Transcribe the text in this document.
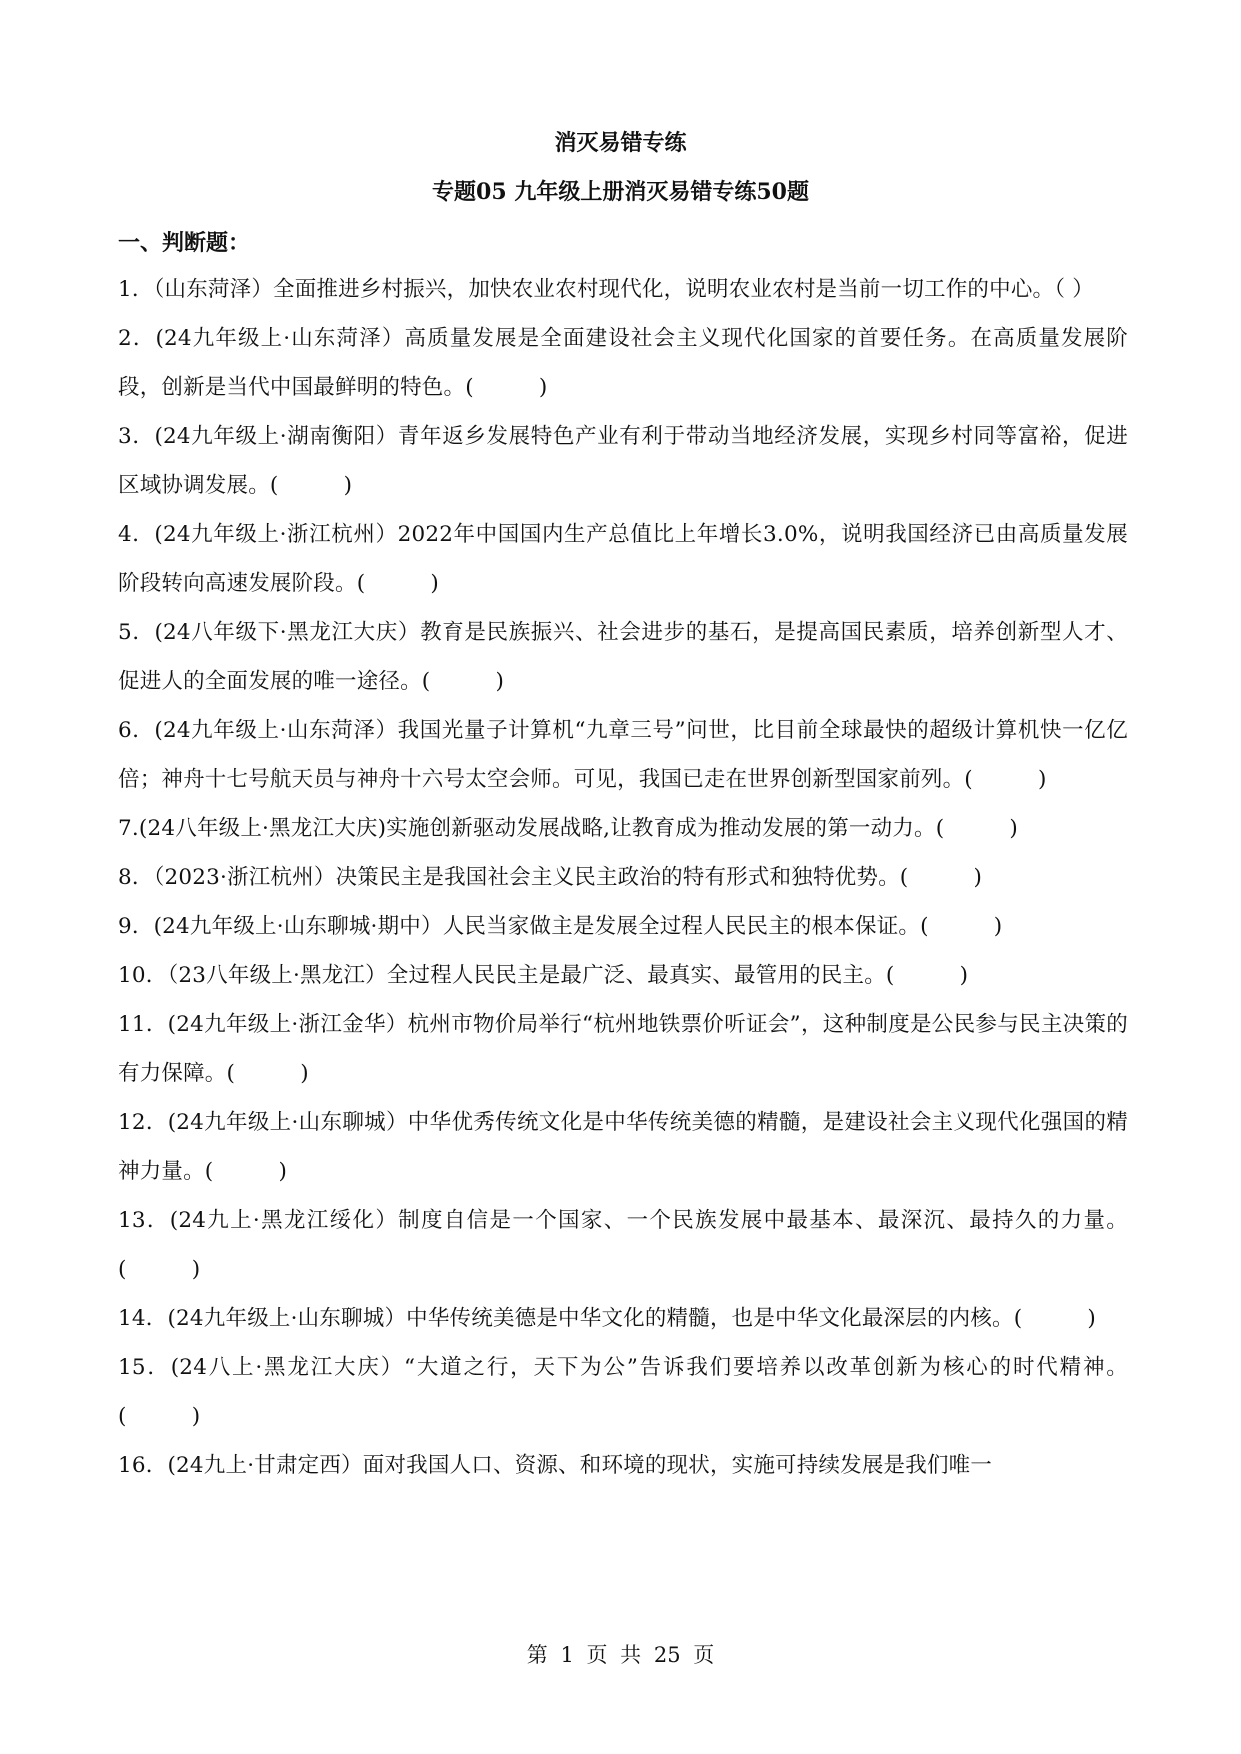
消灭易错专练
专题05 九年级上册消灭易错专练50题
一、判断题：

1．（山东菏泽）全面推进乡村振兴，加快农业农村现代化，说明农业农村是当前一切工作的中心。（ ）

2．(24九年级上·山东菏泽）高质量发展是全面建设社会主义现代化国家的首要任务。在高质量发展阶段，创新是当代中国最鲜明的特色。(　　　)

3．(24九年级上·湖南衡阳）青年返乡发展特色产业有利于带动当地经济发展，实现乡村同等富裕，促进区域协调发展。(　　　)

4．(24九年级上·浙江杭州）2022年中国国内生产总值比上年增长3.0%，说明我国经济已由高质量发展阶段转向高速发展阶段。(　　　)

5．(24八年级下·黑龙江大庆）教育是民族振兴、社会进步的基石，是提高国民素质，培养创新型人才、促进人的全面发展的唯一途径。(　　　)

6．(24九年级上·山东菏泽）我国光量子计算机“九章三号”问世，比目前全球最快的超级计算机快一亿亿倍；神舟十七号航天员与神舟十六号太空会师。可见，我国已走在世界创新型国家前列。(　　　)

7.(24八年级上·黑龙江大庆)实施创新驱动发展战略,让教育成为推动发展的第一动力。(　　　)

8．（2023·浙江杭州）决策民主是我国社会主义民主政治的特有形式和独特优势。(　　　)

9．(24九年级上·山东聊城·期中）人民当家做主是发展全过程人民民主的根本保证。(　　　)

10．（23八年级上·黑龙江）全过程人民民主是最广泛、最真实、最管用的民主。(　　　)

11．(24九年级上·浙江金华）杭州市物价局举行“杭州地铁票价听证会”，这种制度是公民参与民主决策的有力保障。(　　　)

12．(24九年级上·山东聊城）中华优秀传统文化是中华传统美德的精髓，是建设社会主义现代化强国的精神力量。(　　　)

13．(24九上·黑龙江绥化）制度自信是一个国家、一个民族发展中最基本、最深沉、最持久的力量。(　　　)

14．(24九年级上·山东聊城）中华传统美德是中华文化的精髓，也是中华文化最深层的内核。(　　　)

15．(24八上·黑龙江大庆）“大道之行，天下为公”告诉我们要培养以改革创新为核心的时代精神。(　　　)

16．(24九上·甘肃定西）面对我国人口、资源、和环境的现状，实施可持续发展是我们唯一

第 1 页 共 25 页
